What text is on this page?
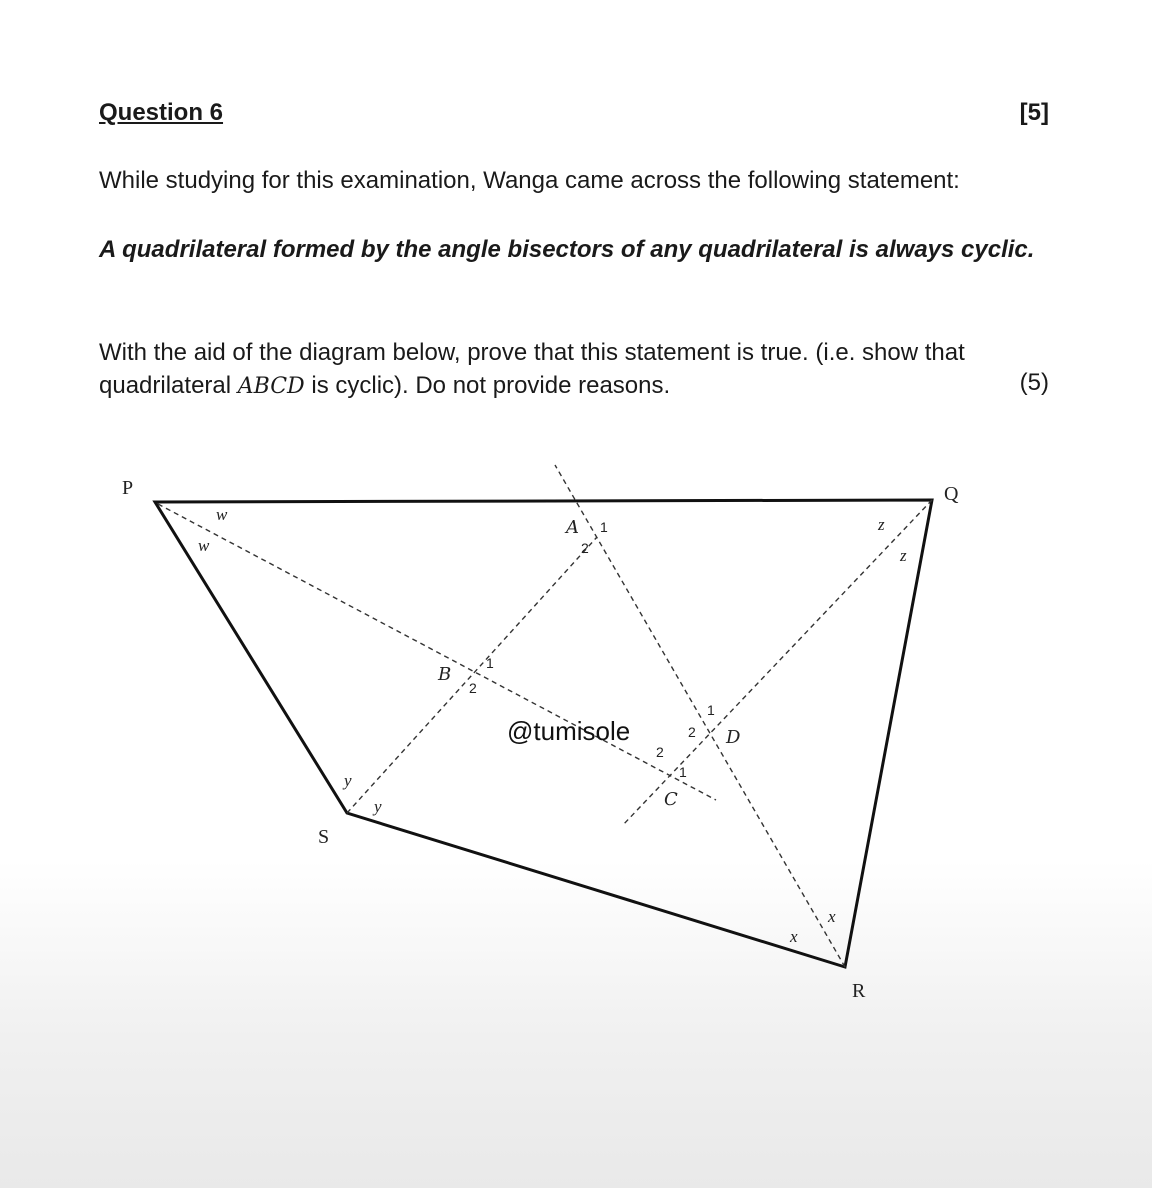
Question 6	[5]

While studying for this examination, Wanga came across the following statement:

A quadrilateral formed by the angle bisectors of any quadrilateral is always cyclic.

With the aid of the diagram below, prove that this statement is true. (i.e. show that quadrilateral ABCD is cyclic). Do not provide reasons.	(5)
P	Q
R
S
w
w
z
z
y
y
x
x
A 1
2
B
1
2
D
1
2
C
1
2
@tumisole
